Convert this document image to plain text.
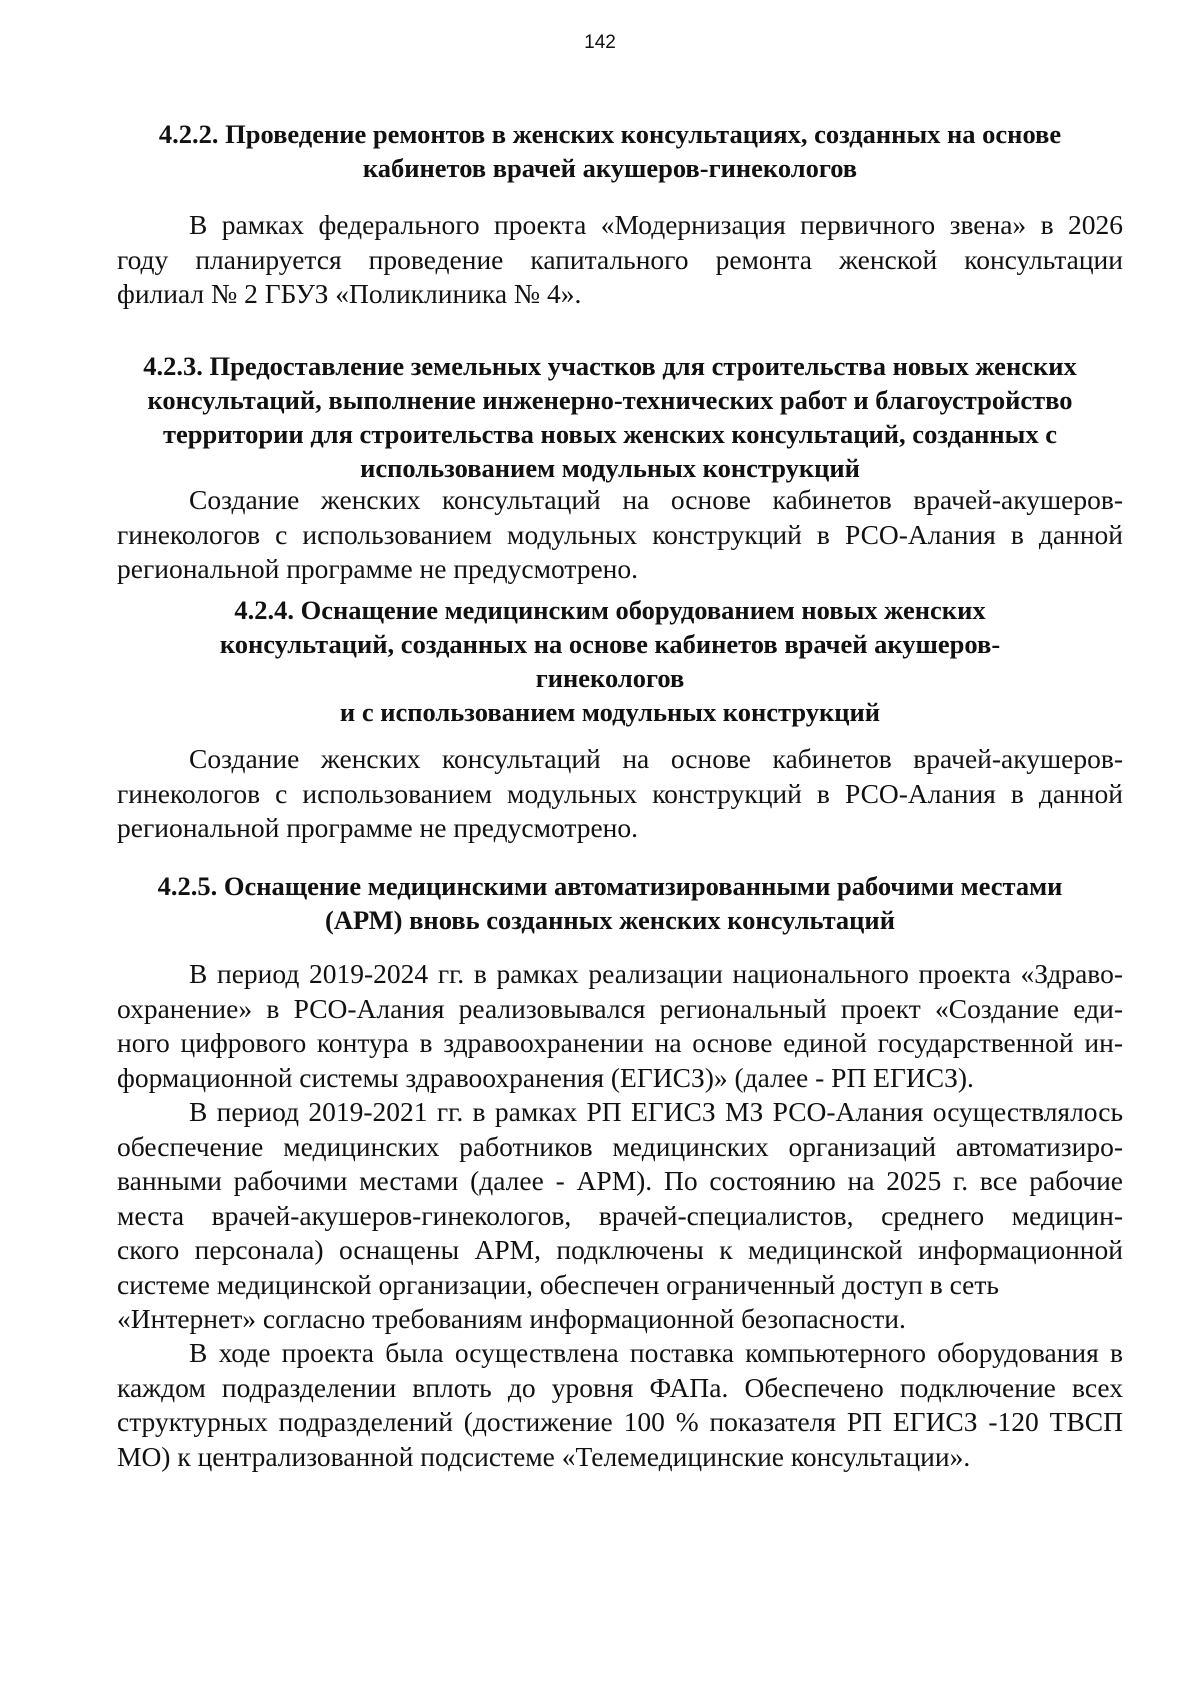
142
4.2.2. Проведение ремонтов в женских консультациях, созданных на основе
кабинетов врачей акушеров-гинекологов
В рамках федерального проекта «Модернизация первичного звена» в 2026
году планируется проведение капитального ремонта женской консультации
филиал № 2 ГБУЗ «Поликлиника № 4».
4.2.3. Предоставление земельных участков для строительства новых женских
консультаций, выполнение инженерно-технических работ и благоустройство
территории для строительства новых женских консультаций, созданных с
использованием модульных конструкций
Создание женских консультаций на основе кабинетов врачей-акушеров-
гинекологов с использованием модульных конструкций в РСО-Алания в данной
региональной программе не предусмотрено.
4.2.4. Оснащение медицинским оборудованием новых женских
консультаций, созданных на основе кабинетов врачей акушеров-
гинекологов
и с использованием модульных конструкций
Создание женских консультаций на основе кабинетов врачей-акушеров-
гинекологов с использованием модульных конструкций в РСО-Алания в данной
региональной программе не предусмотрено.
4.2.5. Оснащение медицинскими автоматизированными рабочими местами
(АРМ) вновь созданных женских консультаций
В период 2019-2024 гг. в рамках реализации национального проекта «Здраво-
охранение» в РСО-Алания реализовывался региональный проект «Создание еди-
ного цифрового контура в здравоохранении на основе единой государственной ин-
формационной системы здравоохранения (ЕГИСЗ)» (далее - РП ЕГИСЗ).
В период 2019-2021 гг. в рамках РП ЕГИСЗ МЗ РСО-Алания осуществлялось
обеспечение медицинских работников медицинских организаций автоматизиро-
ванными рабочими местами (далее - АРМ). По состоянию на 2025 г. все рабочие
места врачей-акушеров-гинекологов, врачей-специалистов, среднего медицин-
ского персонала) оснащены АРМ, подключены к медицинской информационной
системе медицинской организации, обеспечен ограниченный доступ в сеть
«Интернет» согласно требованиям информационной безопасности.
В ходе проекта была осуществлена поставка компьютерного оборудования в
каждом подразделении вплоть до уровня ФАПа. Обеспечено подключение всех
структурных подразделений (достижение 100 % показателя РП ЕГИСЗ -120 ТВСП
МО) к централизованной подсистеме «Телемедицинские консультации».
